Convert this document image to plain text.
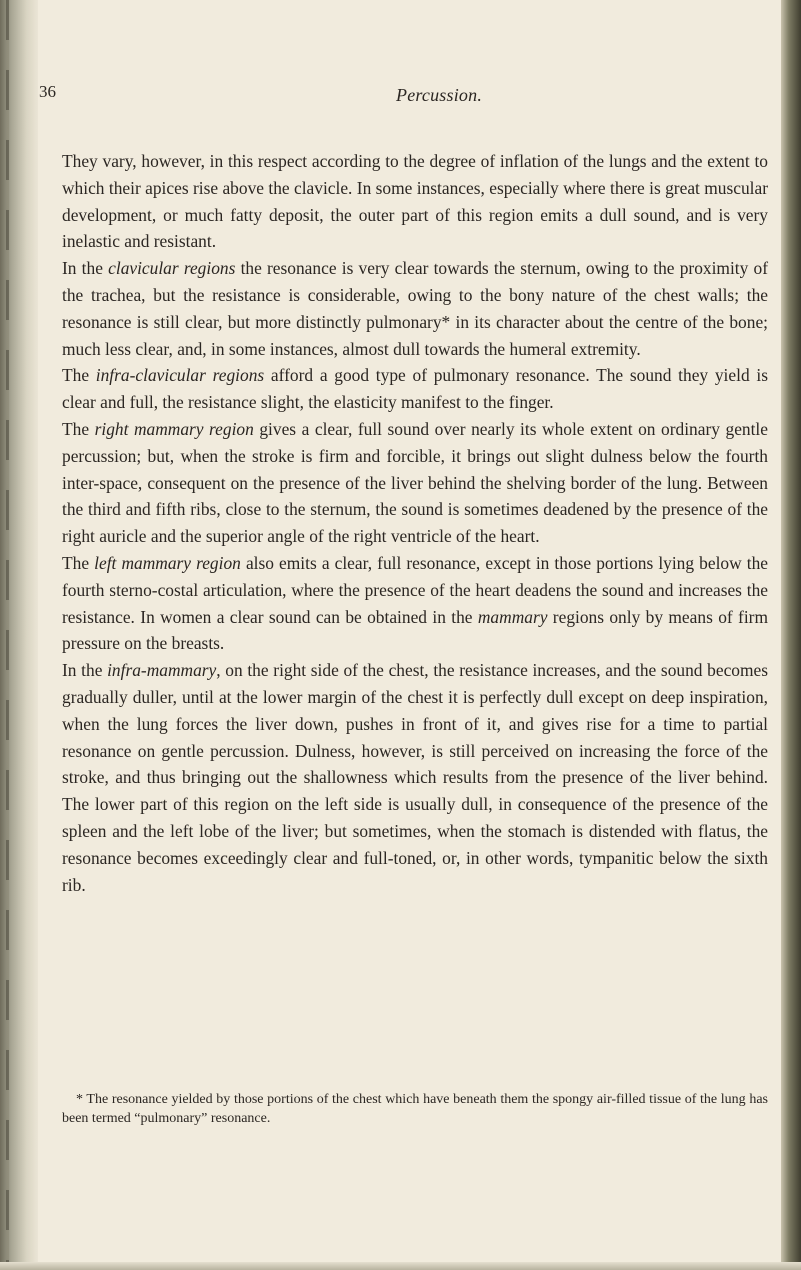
36	Percussion.

They vary, however, in this respect according to the degree of inflation of the lungs and the extent to which their apices rise above the clavicle. In some instances, especially where there is great muscular development, or much fatty deposit, the outer part of this region emits a dull sound, and is very inelastic and resistant.

In the clavicular regions the resonance is very clear towards the sternum, owing to the proximity of the trachea, but the resistance is considerable, owing to the bony nature of the chest walls; the resonance is still clear, but more distinctly pulmonary* in its character about the centre of the bone; much less clear, and, in some instances, almost dull towards the humeral extremity.

The infra-clavicular regions afford a good type of pulmonary resonance. The sound they yield is clear and full, the resistance slight, the elasticity manifest to the finger.

The right mammary region gives a clear, full sound over nearly its whole extent on ordinary gentle percussion; but, when the stroke is firm and forcible, it brings out slight dulness below the fourth inter-space, consequent on the presence of the liver behind the shelving border of the lung. Between the third and fifth ribs, close to the sternum, the sound is sometimes deadened by the presence of the right auricle and the superior angle of the right ventricle of the heart.

The left mammary region also emits a clear, full resonance, except in those portions lying below the fourth sterno-costal articulation, where the presence of the heart deadens the sound and increases the resistance. In women a clear sound can be obtained in the mammary regions only by means of firm pressure on the breasts.

In the infra-mammary, on the right side of the chest, the resistance increases, and the sound becomes gradually duller, until at the lower margin of the chest it is perfectly dull except on deep inspiration, when the lung forces the liver down, pushes in front of it, and gives rise for a time to partial resonance on gentle percussion. Dulness, however, is still perceived on increasing the force of the stroke, and thus bringing out the shallowness which results from the presence of the liver behind. The lower part of this region on the left side is usually dull, in consequence of the presence of the spleen and the left lobe of the liver; but sometimes, when the stomach is distended with flatus, the resonance becomes exceedingly clear and full-toned, or, in other words, tympanitic below the sixth rib.

* The resonance yielded by those portions of the chest which have beneath them the spongy air-filled tissue of the lung has been termed “pulmonary” resonance.
